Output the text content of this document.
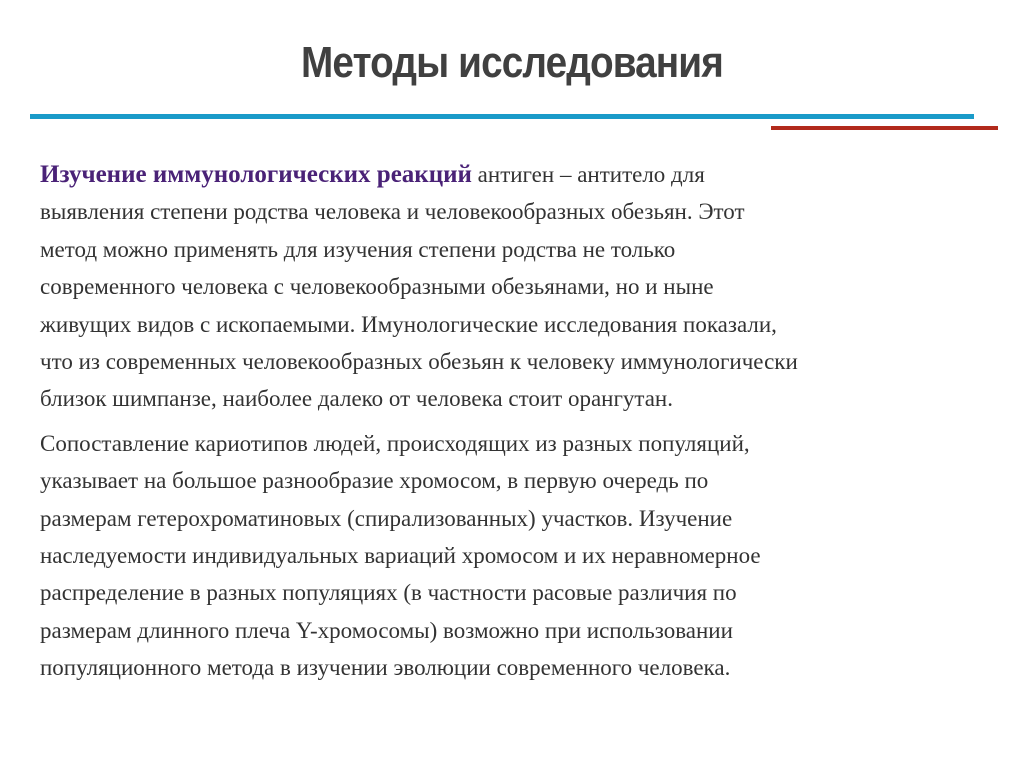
Методы исследования

Изучение иммунологических реакций антиген – антитело для
выявления степени родства человека и человекообразных обезьян. Этот
метод можно применять для изучения степени родства не только
современного человека с человекообразными обезьянами, но и ныне
живущих видов с ископаемыми. Имунологические исследования показали,
что из современных человекообразных обезьян к человеку иммунологически
близок шимпанзе, наиболее далеко от человека стоит орангутан.

Сопоставление кариотипов людей, происходящих из разных популяций,
указывает на большое разнообразие хромосом, в первую очередь по
размерам гетерохроматиновых (спирализованных) участков. Изучение
наследуемости индивидуальных вариаций хромосом и их неравномерное
распределение в разных популяциях (в частности расовые различия по
размерам длинного плеча Y-хромосомы) возможно при использовании
популяционного метода в изучении эволюции современного человека.
